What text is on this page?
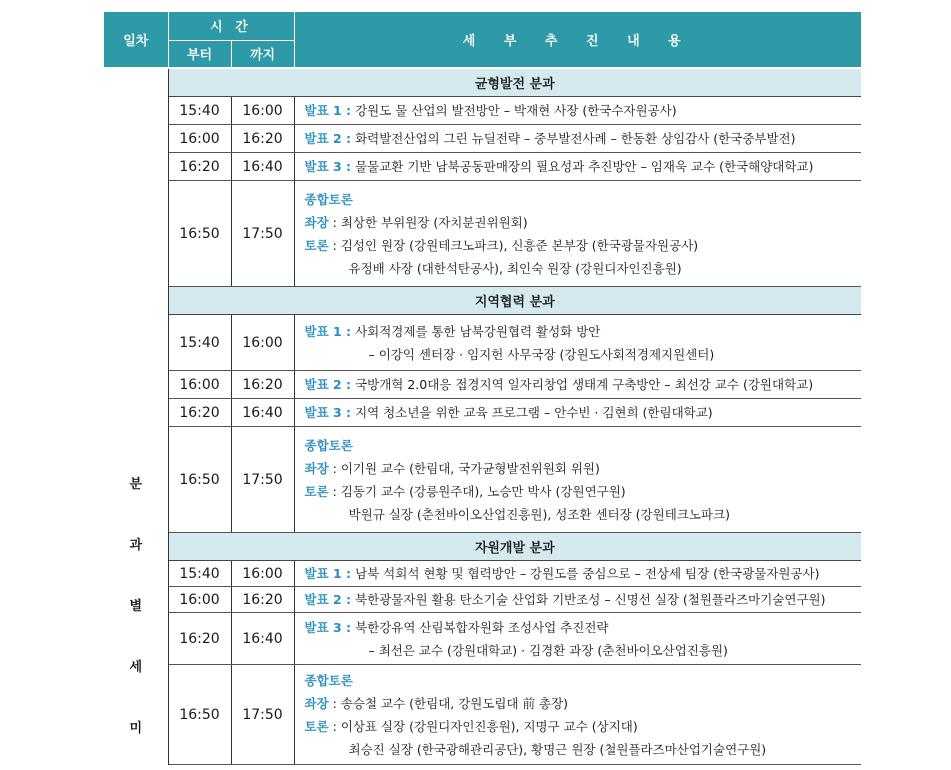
일차	시 간		세 부 추 진 내 용
	부터	까지	

분
과
별
세
미	균형발전 분과		
	15:40	16:00	발표 1 : 강원도 물 산업의 발전방안 – 박재현 사장 (한국수자원공사)

	16:00	16:20	발표 2 : 화력발전산업의 그린 뉴딜전략 – 중부발전사례 – 한동환 상임감사 (한국중부발전)

	16:20	16:40	발표 3 : 물물교환 기반 남북공동판매장의 필요성과 추진방안 – 임재욱 교수 (한국해양대학교)

	16:50	17:50	종합토론
좌장 : 최상한 부위원장 (자치분권위원회)
토론 : 김성인 원장 (강원테크노파크), 신흥준 본부장 (한국광물자원공사)
유정배 사장 (대한석탄공사), 최인숙 원장 (강원디자인진흥원)

	지역협력 분과		
	15:40	16:00	발표 1 : 사회적경제를 통한 남북강원협력 활성화 방안
– 이강익 센터장 · 임지헌 사무국장 (강원도사회적경제지원센터)

	16:00	16:20	발표 2 : 국방개혁 2.0대응 접경지역 일자리창업 생태계 구축방안 – 최선강 교수 (강원대학교)

	16:20	16:40	발표 3 : 지역 청소년을 위한 교육 프로그램 – 안수빈 · 김현희 (한림대학교)

	16:50	17:50	종합토론
좌장 : 이기원 교수 (한림대, 국가균형발전위원회 위원)
토론 : 김동기 교수 (강릉원주대), 노승만 박사 (강원연구원)
박원규 실장 (춘천바이오산업진흥원), 성조환 센터장 (강원테크노파크)

	자원개발 분과		
	15:40	16:00	발표 1 : 남북 석회석 현황 및 협력방안 – 강원도를 중심으로 – 전상세 팀장 (한국광물자원공사)

	16:00	16:20	발표 2 : 북한광물자원 활용 탄소기술 산업화 기반조성 – 신명선 실장 (철원플라즈마기술연구원)

	16:20	16:40	발표 3 : 북한강유역 산림복합자원화 조성사업 추진전략
– 최선은 교수 (강원대학교) · 김경환 과장 (춘천바이오산업진흥원)

	16:50	17:50	종합토론
좌장 : 송승철 교수 (한림대, 강원도립대 前 총장)
토론 : 이상표 실장 (강원디자인진흥원), 지명구 교수 (상지대)
최승진 실장 (한국광해관리공단), 황명근 원장 (철원플라즈마산업기술연구원)
